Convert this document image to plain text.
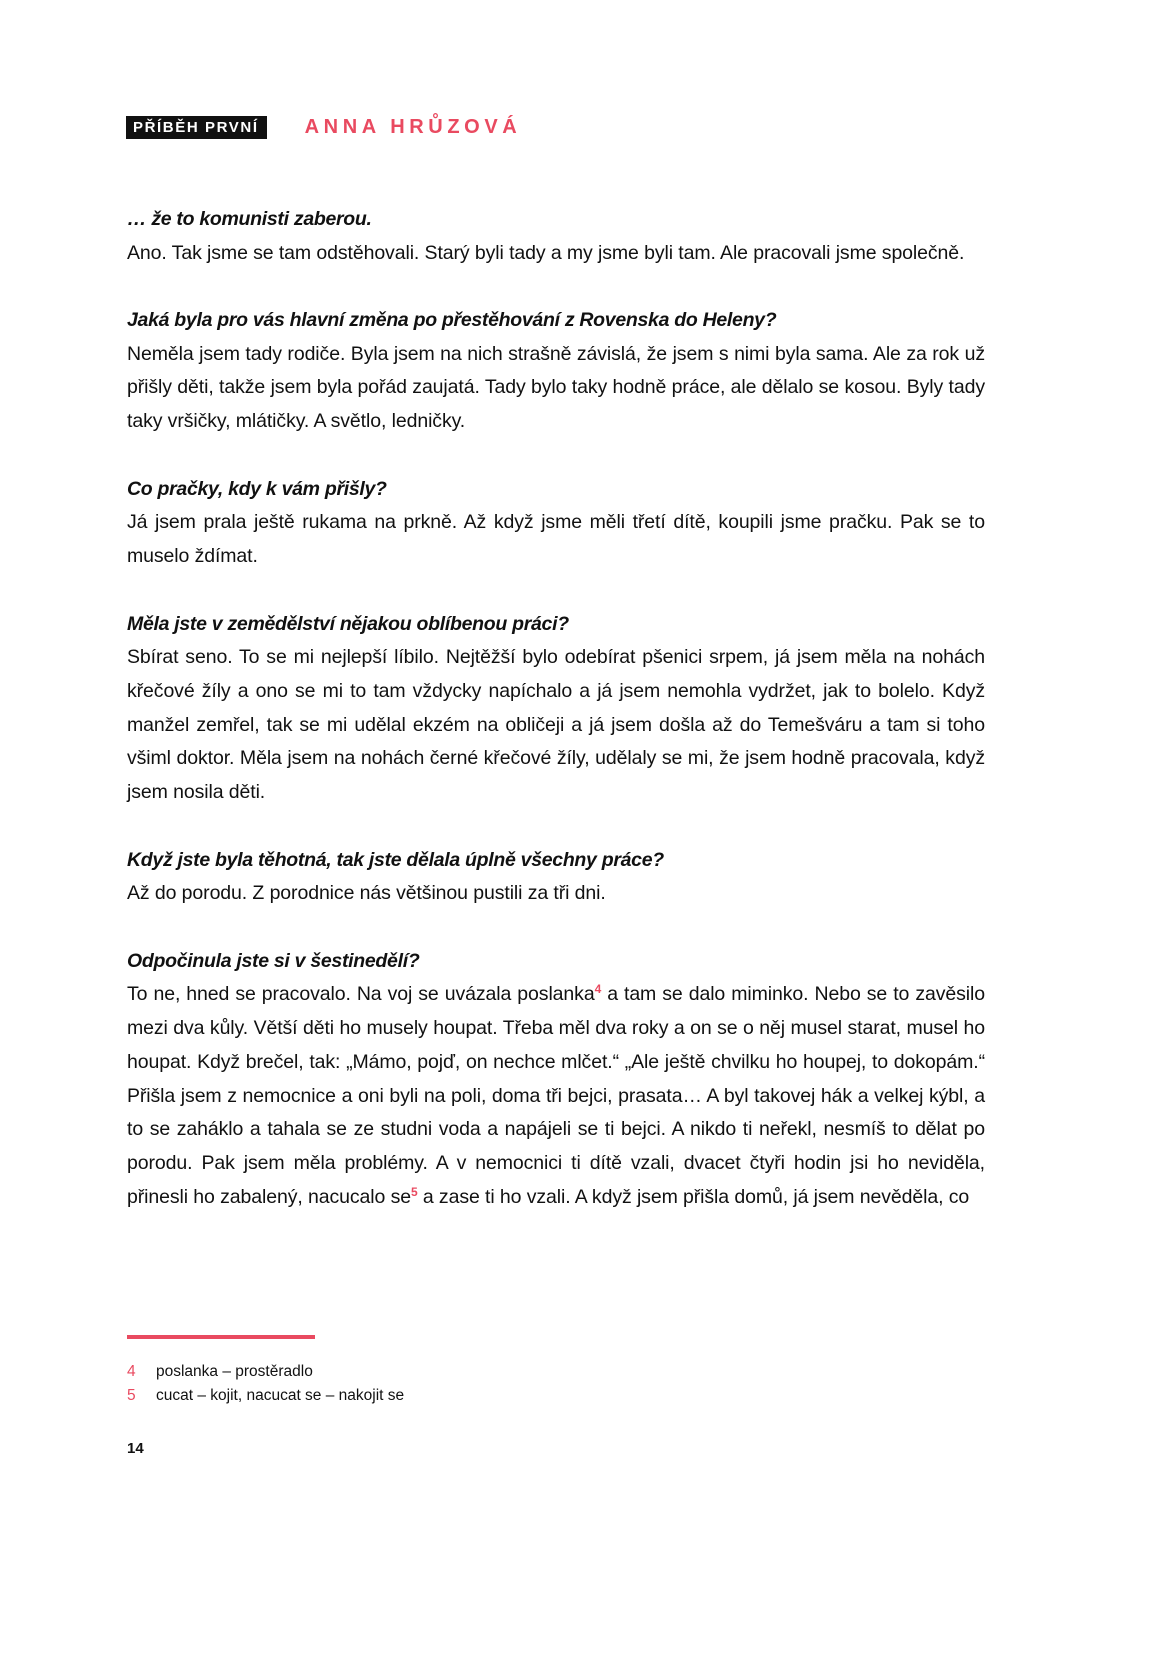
PŘÍBĚH PRVNÍ	ANNA HRŮZOVÁ
… že to komunisti zaberou.
Ano. Tak jsme se tam odstěhovali. Starý byli tady a my jsme byli tam. Ale pracovali jsme společně.
Jaká byla pro vás hlavní změna po přestěhování z Rovenska do Heleny?
Neměla jsem tady rodiče. Byla jsem na nich strašně závislá, že jsem s nimi byla sama. Ale za rok už přišly děti, takže jsem byla pořád zaujatá. Tady bylo taky hodně práce, ale dělalo se kosou. Byly tady taky vršičky, mlátičky. A světlo, ledničky.
Co pračky, kdy k vám přišly?
Já jsem prala ještě rukama na prkně. Až když jsme měli třetí dítě, koupili jsme pračku. Pak se to muselo ždímat.
Měla jste v zemědělství nějakou oblíbenou práci?
Sbírat seno. To se mi nejlepší líbilo. Nejtěžší bylo odebírat pšenici srpem, já jsem měla na nohách křečové žíly a ono se mi to tam vždycky napíchalo a já jsem nemohla vydržet, jak to bolelo. Když manžel zemřel, tak se mi udělal ekzém na obličeji a já jsem došla až do Temešváru a tam si toho všiml doktor. Měla jsem na nohách černé křečové žíly, udělaly se mi, že jsem hodně pracovala, když jsem nosila děti.
Když jste byla těhotná, tak jste dělala úplně všechny práce?
Až do porodu. Z porodnice nás většinou pustili za tři dni.
Odpočinula jste si v šestinedělí?
To ne, hned se pracovalo. Na voj se uvázala poslanka$^4$ a tam se dalo miminko. Nebo se to zavěsilo mezi dva kůly. Větší děti ho musely houpat. Třeba měl dva roky a on se o něj musel starat, musel ho houpat. Když brečel, tak: „Mámo, pojď, on nechce mlčet.“ „Ale ještě chvilku ho houpej, to dokopám.“ Přišla jsem z nemocnice a oni byli na poli, doma tři bejci, prasata… A byl takovej hák a velkej kýbl, a to se zaháklo a tahala se ze studni voda a napájeli se ti bejci. A nikdo ti neřekl, nesmíš to dělat po porodu. Pak jsem měla problémy. A v nemocnici ti dítě vzali, dvacet čtyři hodin jsi ho neviděla, přinesli ho zabalený, nacucalo se$^5$ a zase ti ho vzali. A když jsem přišla domů, já jsem nevěděla, co
4	poslanka – prostěradlo
5	cucat – kojit, nacucat se – nakojit se
14
